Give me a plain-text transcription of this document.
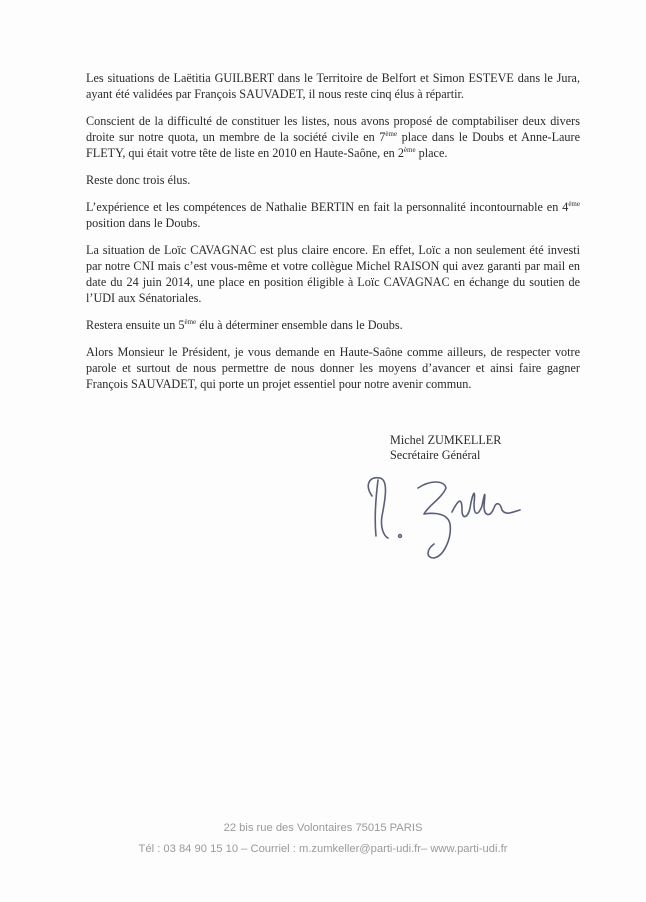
Les situations de Laëtitia GUILBERT dans le Territoire de Belfort et Simon ESTEVE dans le Jura, ayant été validées par François SAUVADET, il nous reste cinq élus à répartir.

Conscient de la difficulté de constituer les listes, nous avons proposé de comptabiliser deux divers droite sur notre quota, un membre de la société civile en 7ème place dans le Doubs et Anne-Laure FLETY, qui était votre tête de liste en 2010 en Haute-Saône, en 2ème place.

Reste donc trois élus.

L’expérience et les compétences de Nathalie BERTIN en fait la personnalité incontournable en 4ème position dans le Doubs.

La situation de Loïc CAVAGNAC est plus claire encore. En effet, Loïc a non seulement été investi par notre CNI mais c’est vous-même et votre collègue Michel RAISON qui avez garanti par mail en date du 24 juin 2014, une place en position éligible à Loïc CAVAGNAC en échange du soutien de l’UDI aux Sénatoriales.

Restera ensuite un 5ème élu à déterminer ensemble dans le Doubs.

Alors Monsieur le Président, je vous demande en Haute-Saône comme ailleurs, de respecter votre parole et surtout de nous permettre de nous donner les moyens d’avancer et ainsi faire gagner François SAUVADET, qui porte un projet essentiel pour notre avenir commun.

Michel ZUMKELLER
Secrétaire Général
22 bis rue des Volontaires 75015 PARIS
Tél : 03 84 90 15 10 – Courriel : m.zumkeller@parti-udi.fr– www.parti-udi.fr
